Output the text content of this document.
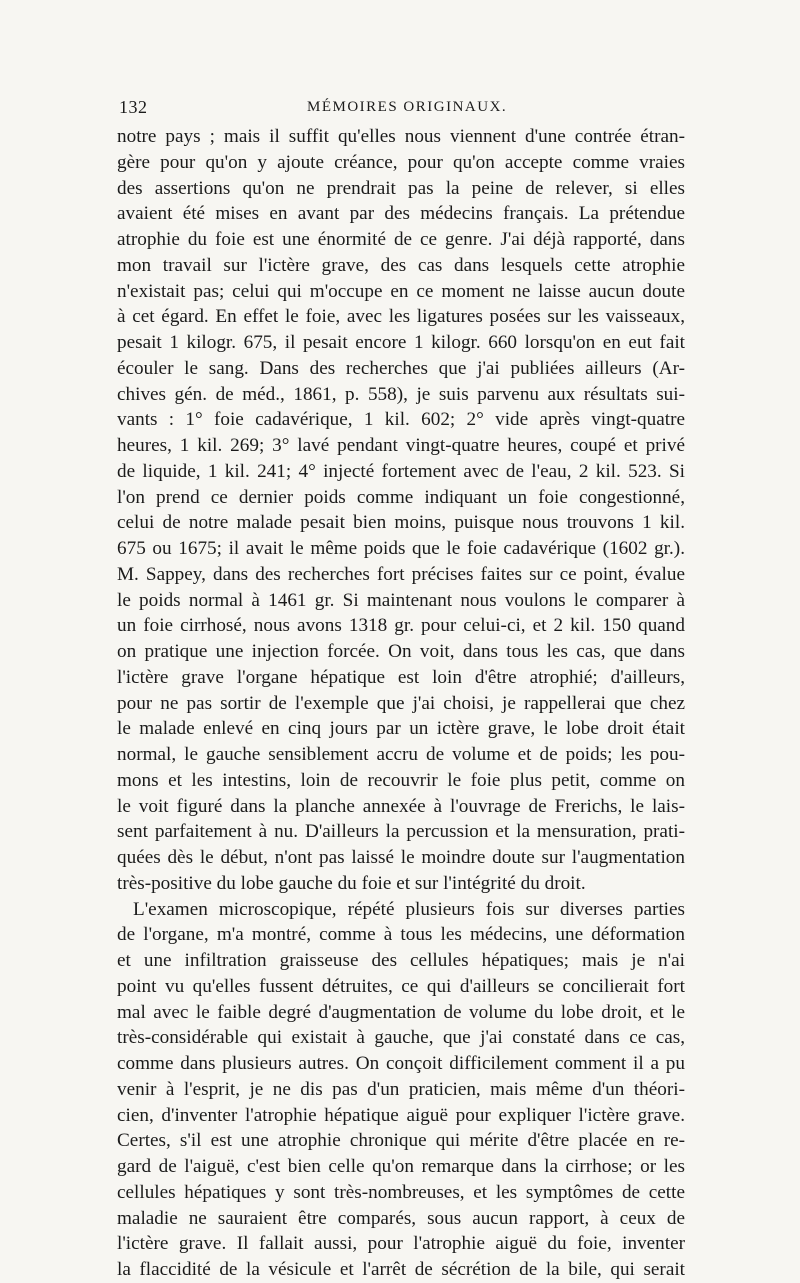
132	MÉMOIRES ORIGINAUX.
notre pays ; mais il suffit qu'elles nous viennent d'une contrée étran-
gère pour qu'on y ajoute créance, pour qu'on accepte comme vraies
des assertions qu'on ne prendrait pas la peine de relever, si elles
avaient été mises en avant par des médecins français. La prétendue
atrophie du foie est une énormité de ce genre. J'ai déjà rapporté, dans
mon travail sur l'ictère grave, des cas dans lesquels cette atrophie
n'existait pas; celui qui m'occupe en ce moment ne laisse aucun doute
à cet égard. En effet le foie, avec les ligatures posées sur les vaisseaux,
pesait 1 kilogr. 675, il pesait encore 1 kilogr. 660 lorsqu'on en eut fait
écouler le sang. Dans des recherches que j'ai publiées ailleurs (Ar-
chives gén. de méd., 1861, p. 558), je suis parvenu aux résultats sui-
vants : 1° foie cadavérique, 1 kil. 602; 2° vide après vingt-quatre
heures, 1 kil. 269; 3° lavé pendant vingt-quatre heures, coupé et privé
de liquide, 1 kil. 241; 4° injecté fortement avec de l'eau, 2 kil. 523. Si
l'on prend ce dernier poids comme indiquant un foie congestionné,
celui de notre malade pesait bien moins, puisque nous trouvons 1 kil.
675 ou 1675; il avait le même poids que le foie cadavérique (1602 gr.).
M. Sappey, dans des recherches fort précises faites sur ce point, évalue
le poids normal à 1461 gr. Si maintenant nous voulons le comparer à
un foie cirrhosé, nous avons 1318 gr. pour celui-ci, et 2 kil. 150 quand
on pratique une injection forcée. On voit, dans tous les cas, que dans
l'ictère grave l'organe hépatique est loin d'être atrophié; d'ailleurs,
pour ne pas sortir de l'exemple que j'ai choisi, je rappellerai que chez
le malade enlevé en cinq jours par un ictère grave, le lobe droit était
normal, le gauche sensiblement accru de volume et de poids; les pou-
mons et les intestins, loin de recouvrir le foie plus petit, comme on
le voit figuré dans la planche annexée à l'ouvrage de Frerichs, le lais-
sent parfaitement à nu. D'ailleurs la percussion et la mensuration, prati-
quées dès le début, n'ont pas laissé le moindre doute sur l'augmentation
très-positive du lobe gauche du foie et sur l'intégrité du droit.
L'examen microscopique, répété plusieurs fois sur diverses parties
de l'organe, m'a montré, comme à tous les médecins, une déformation
et une infiltration graisseuse des cellules hépatiques; mais je n'ai
point vu qu'elles fussent détruites, ce qui d'ailleurs se concilierait fort
mal avec le faible degré d'augmentation de volume du lobe droit, et le
très-considérable qui existait à gauche, que j'ai constaté dans ce cas,
comme dans plusieurs autres. On conçoit difficilement comment il a pu
venir à l'esprit, je ne dis pas d'un praticien, mais même d'un théori-
cien, d'inventer l'atrophie hépatique aiguë pour expliquer l'ictère grave.
Certes, s'il est une atrophie chronique qui mérite d'être placée en re-
gard de l'aiguë, c'est bien celle qu'on remarque dans la cirrhose; or les
cellules hépatiques y sont très-nombreuses, et les symptômes de cette
maladie ne sauraient être comparés, sous aucun rapport, à ceux de
l'ictère grave. Il fallait aussi, pour l'atrophie aiguë du foie, inventer
la flaccidité de la vésicule et l'arrêt de sécrétion de la bile, qui serait
